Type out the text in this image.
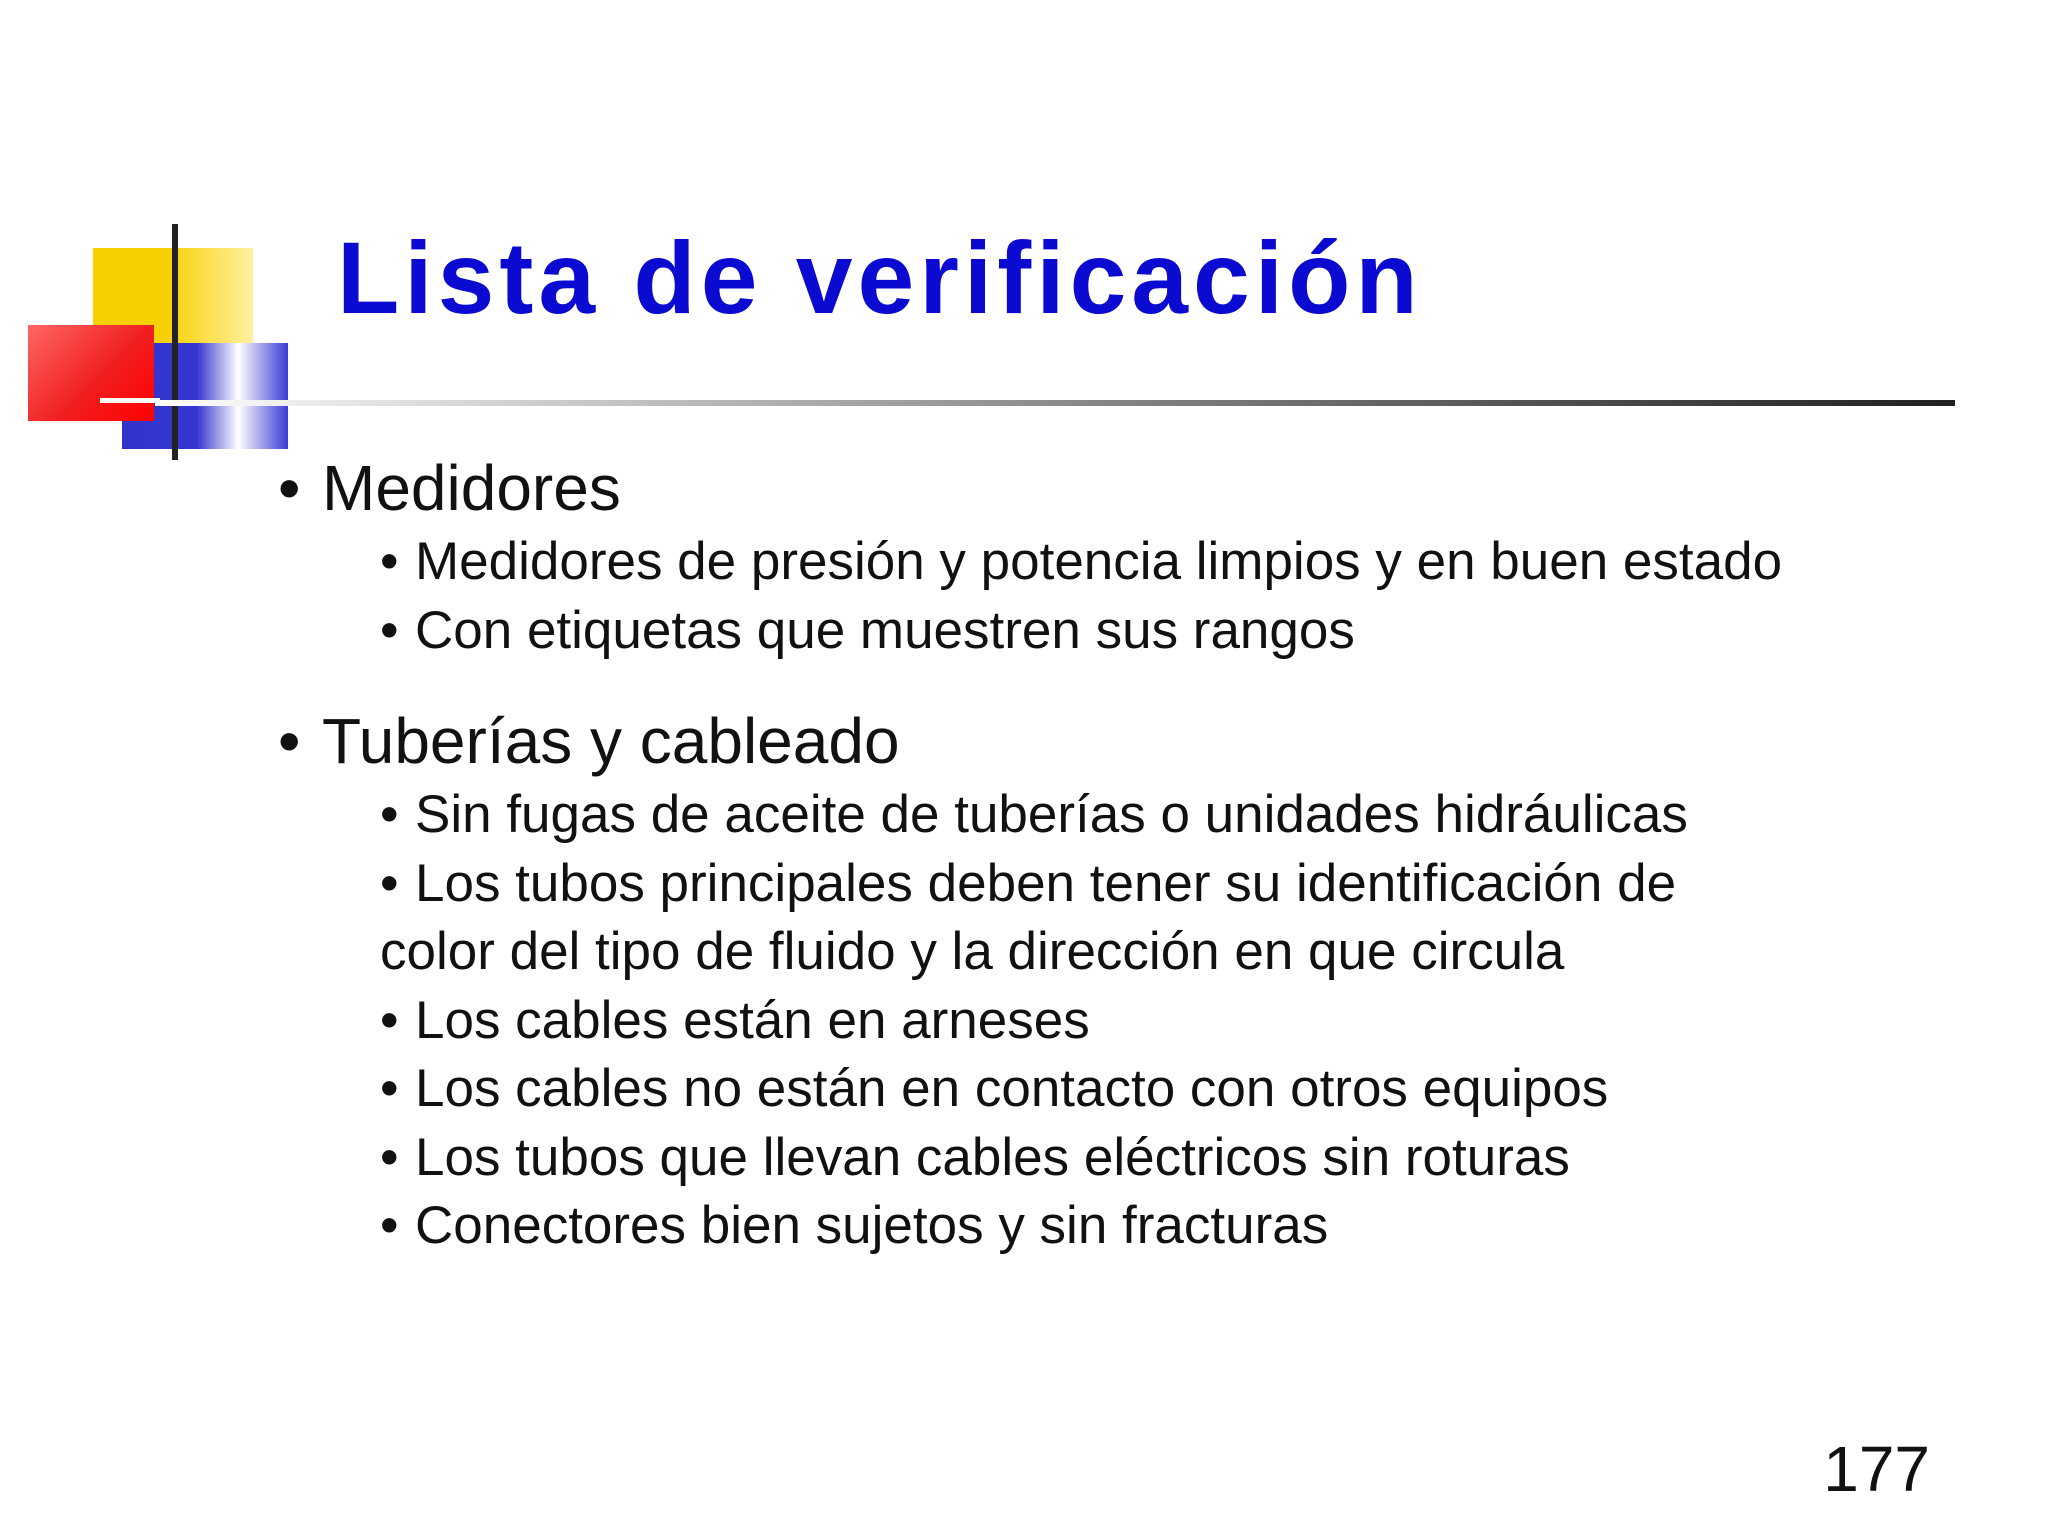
Lista de verificación
• Medidores
• Medidores de presión y potencia limpios y en buen estado
• Con etiquetas que muestren sus rangos
• Tuberías y cableado
• Sin fugas de aceite de tuberías o unidades hidráulicas
• Los tubos principales deben tener su identificación de
color del tipo de fluido y la dirección en que circula
• Los cables están en arneses
• Los cables no están en contacto con otros equipos
• Los tubos que llevan cables eléctricos sin roturas
• Conectores bien sujetos y sin fracturas
177
